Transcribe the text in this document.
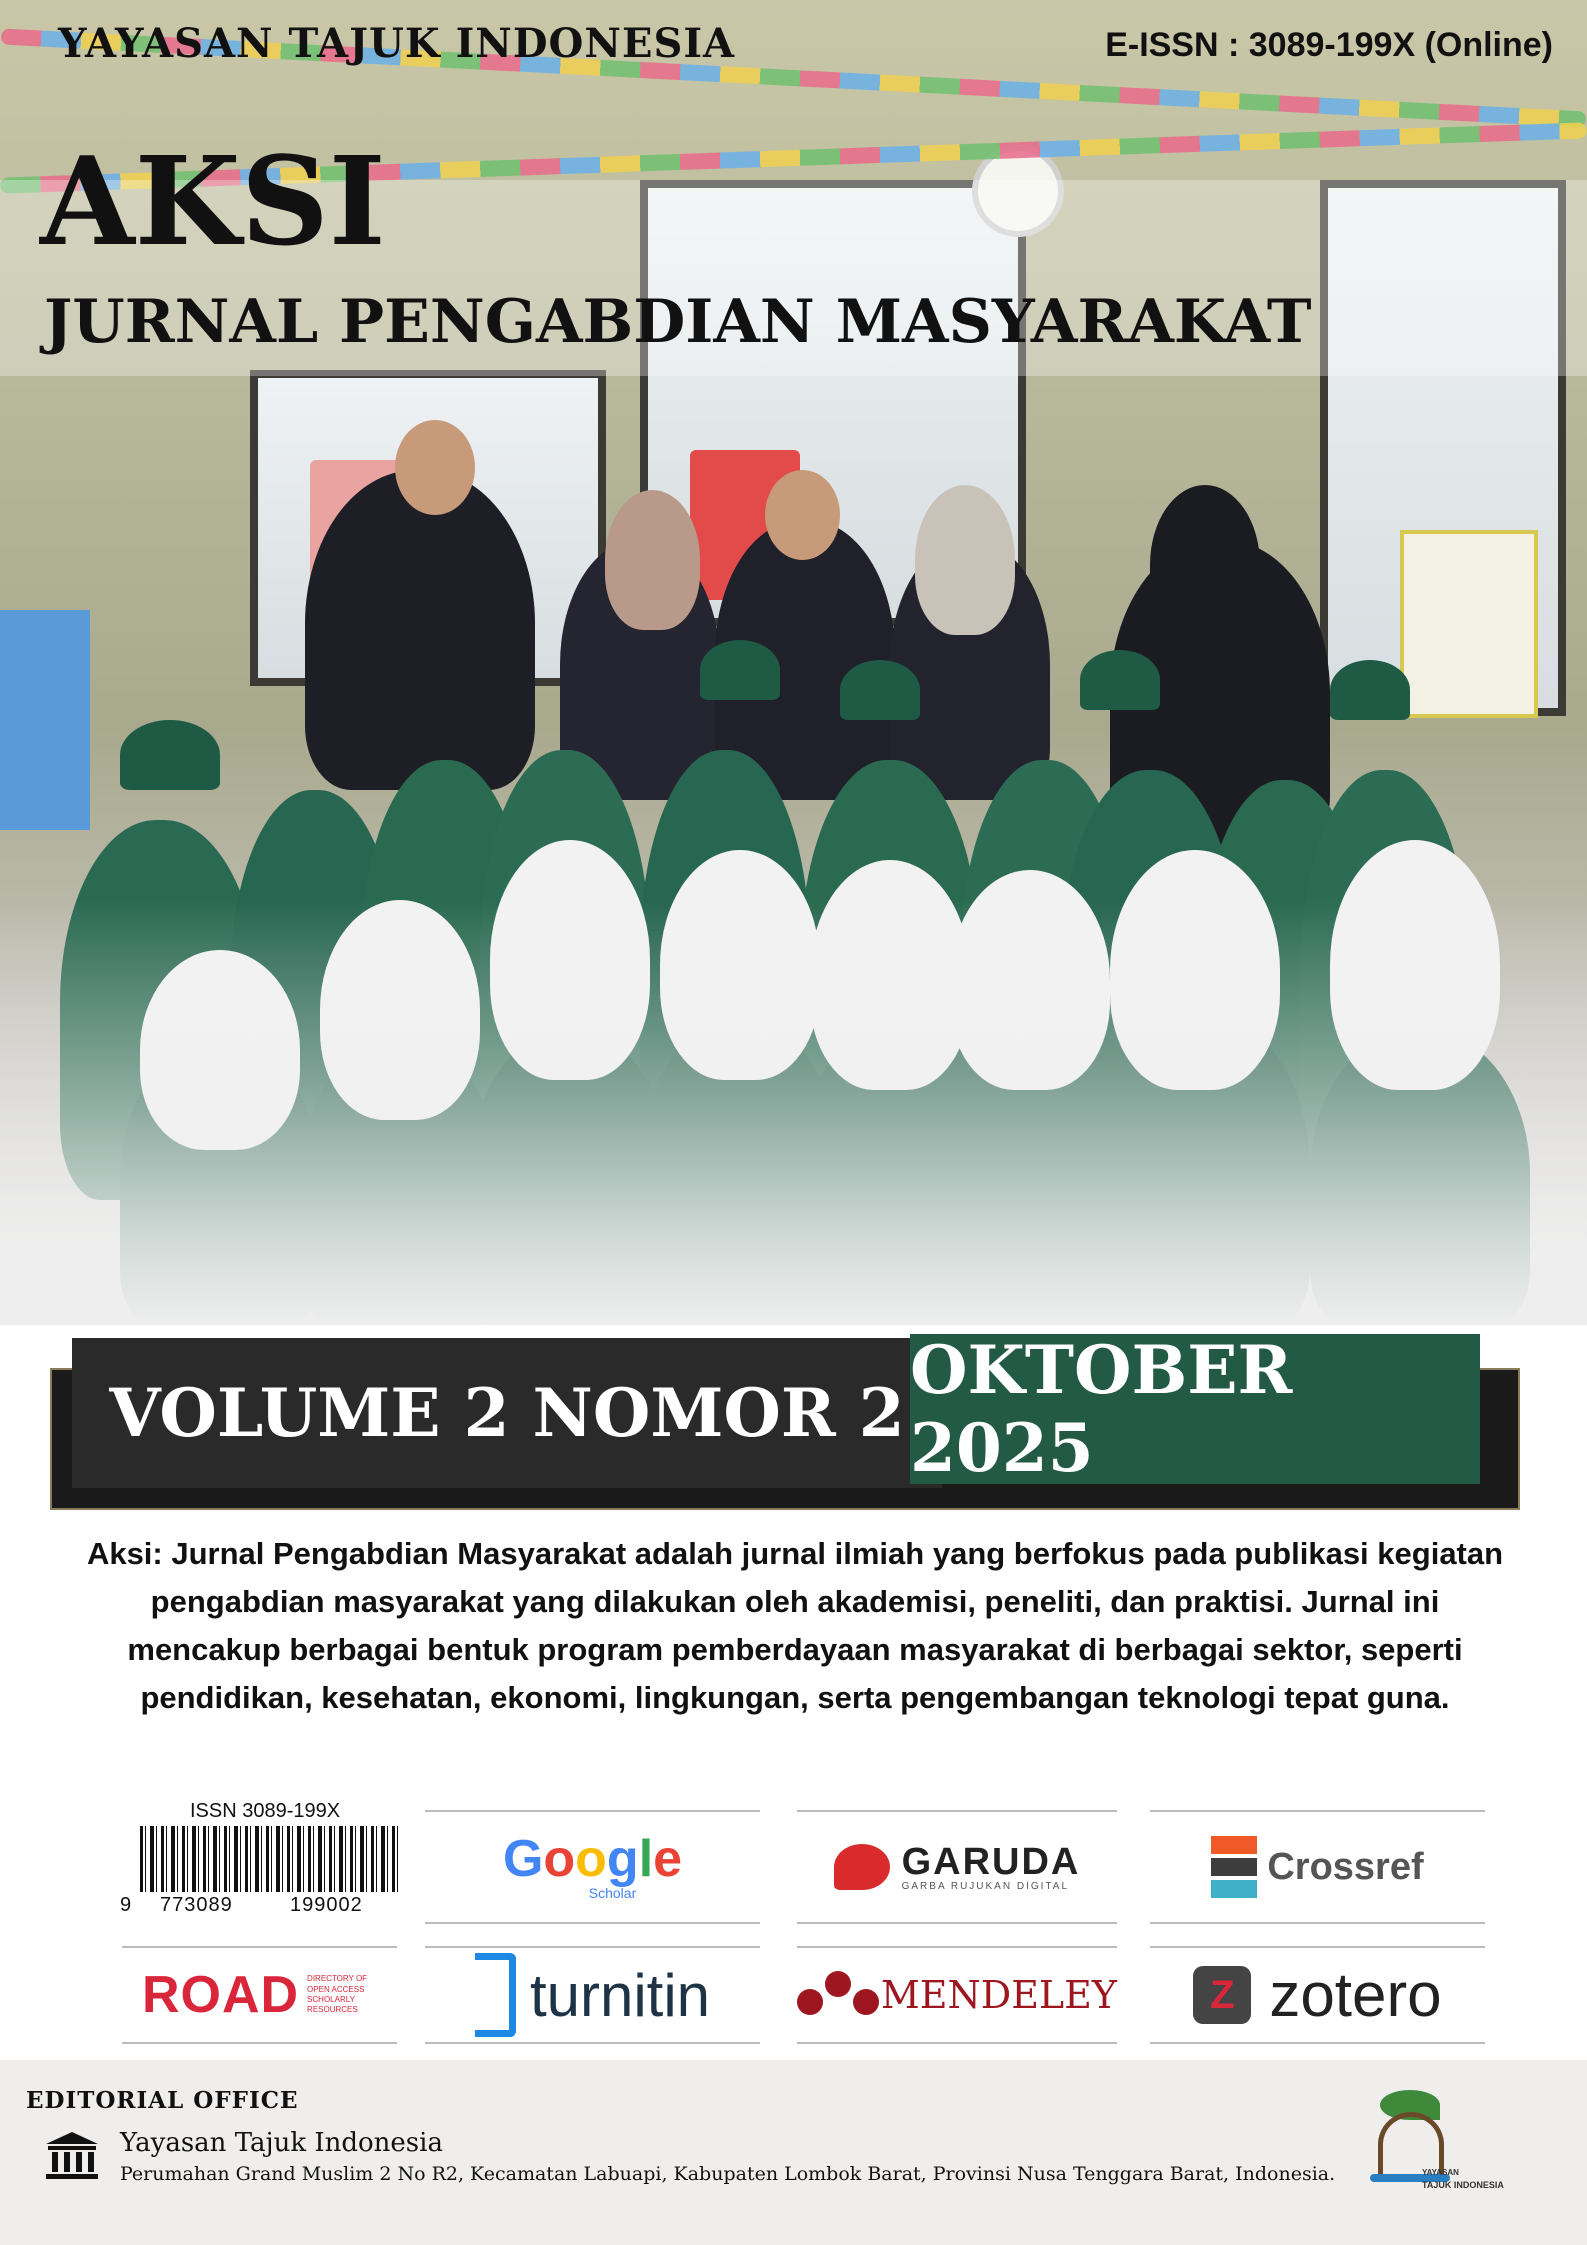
YAYASAN TAJUK INDONESIA	E-ISSN : 3089-199X (Online)
AKSI
JURNAL PENGABDIAN MASYARAKAT
VOLUME 2 NOMOR 2
OKTOBER 2025
Aksi: Jurnal Pengabdian Masyarakat adalah jurnal ilmiah yang berfokus pada publikasi kegiatan pengabdian masyarakat yang dilakukan oleh akademisi, peneliti, dan praktisi. Jurnal ini mencakup berbagai bentuk program pemberdayaan masyarakat di berbagai sektor, seperti pendidikan, kesehatan, ekonomi, lingkungan, serta pengembangan teknologi tepat guna.
ISSN 3089-199X
9 773089	199002
Google
Scholar
GARUDA
GARBA RUJUKAN DIGITAL	Crossref
ROAD DIRECTORY OF OPEN ACCESS SCHOLARLY RESOURCES	turnitin	MENDELEY	Z zotero
EDITORIAL OFFICE
Yayasan Tajuk Indonesia
Perumahan Grand Muslim 2 No R2, Kecamatan Labuapi, Kabupaten Lombok Barat, Provinsi Nusa Tenggara Barat, Indonesia.	YAYASAN
TAJUK INDONESIA
